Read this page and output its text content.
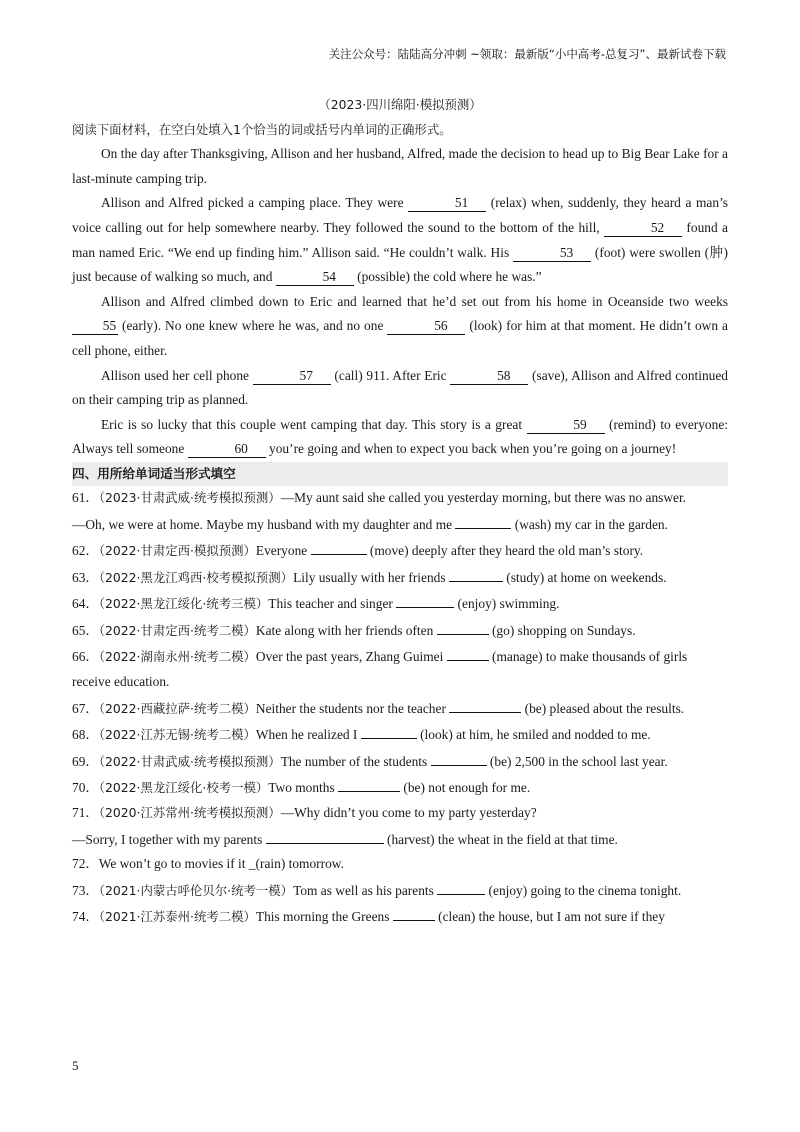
关注公众号：陆陆高分冲刺 ~领取：最新版“小中高考-总复习”、最新试卷下载

（2023·四川绵阳·模拟预测）

阅读下面材料，在空白处填入1个恰当的词或括号内单词的正确形式。

On the day after Thanksgiving, Allison and her husband, Alfred, made the decision to head up to Big Bear Lake for a last-minute camping trip.

Allison and Alfred picked a camping place. They were	51 (relax) when, suddenly, they heard a man’s voice calling out for help somewhere nearby. They followed the sound to the bottom of the hill,	52 found a man named Eric. “We end up finding him.” Allison said. “He couldn’t walk. His	53 (foot) were swollen (肿) just because of walking so much, and	54 (possible) the cold where he was.”

Allison and Alfred climbed down to Eric and learned that he’d set out from his home in Oceanside two weeks 55 (early). No one knew where he was, and no one	56 (look) for him at that moment. He didn’t own a cell phone, either.

Allison used her cell phone	57 (call) 911. After Eric	58 (save), Allison and Alfred continued on their camping trip as planned.

Eric is so lucky that this couple went camping that day. This story is a great	59 (remind) to everyone: Always tell someone	60 you’re going and when to expect you back when you’re going on a journey!

四、用所给单词适当形式填空

61．（2023·甘肃武威·统考模拟预测）—My aunt said she called you yesterday morning, but there was no answer.

—Oh, we were at home. Maybe my husband with my daughter and me	(wash) my car in the garden.

62．（2022·甘肃定西·模拟预测）Everyone	(move) deeply after they heard the old man’s story.

63．（2022·黑龙江鸡西·校考模拟预测）Lily usually with her friends	(study) at home on weekends.

64．（2022·黑龙江绥化·统考三模）This teacher and singer	(enjoy) swimming.

65．（2022·甘肃定西·统考二模）Kate along with her friends often	(go) shopping on Sundays.

66．（2022·湖南永州·统考二模）Over the past years, Zhang Guimei	(manage) to make thousands of girls receive education.

67．（2022·西藏拉萨·统考二模）Neither the students nor the teacher	(be) pleased about the results.

68．（2022·江苏无锡·统考二模）When he realized I	(look) at him, he smiled and nodded to me.

69．（2022·甘肃武威·统考模拟预测）The number of the students	(be) 2,500 in the school last year.

70．（2022·黑龙江绥化·校考一模）Two months	(be) not enough for me.

71．（2020·江苏常州·统考模拟预测）—Why didn’t you come to my party yesterday?

—Sorry, I together with my parents	(harvest) the wheat in the field at that time.

72．We won’t go to movies if it _(rain) tomorrow.

73．（2021·内蒙古呼伦贝尔·统考一模）Tom as well as his parents	(enjoy) going to the cinema tonight.

74．（2021·江苏泰州·统考二模）This morning the Greens	(clean) the house, but I am not sure if they

5
